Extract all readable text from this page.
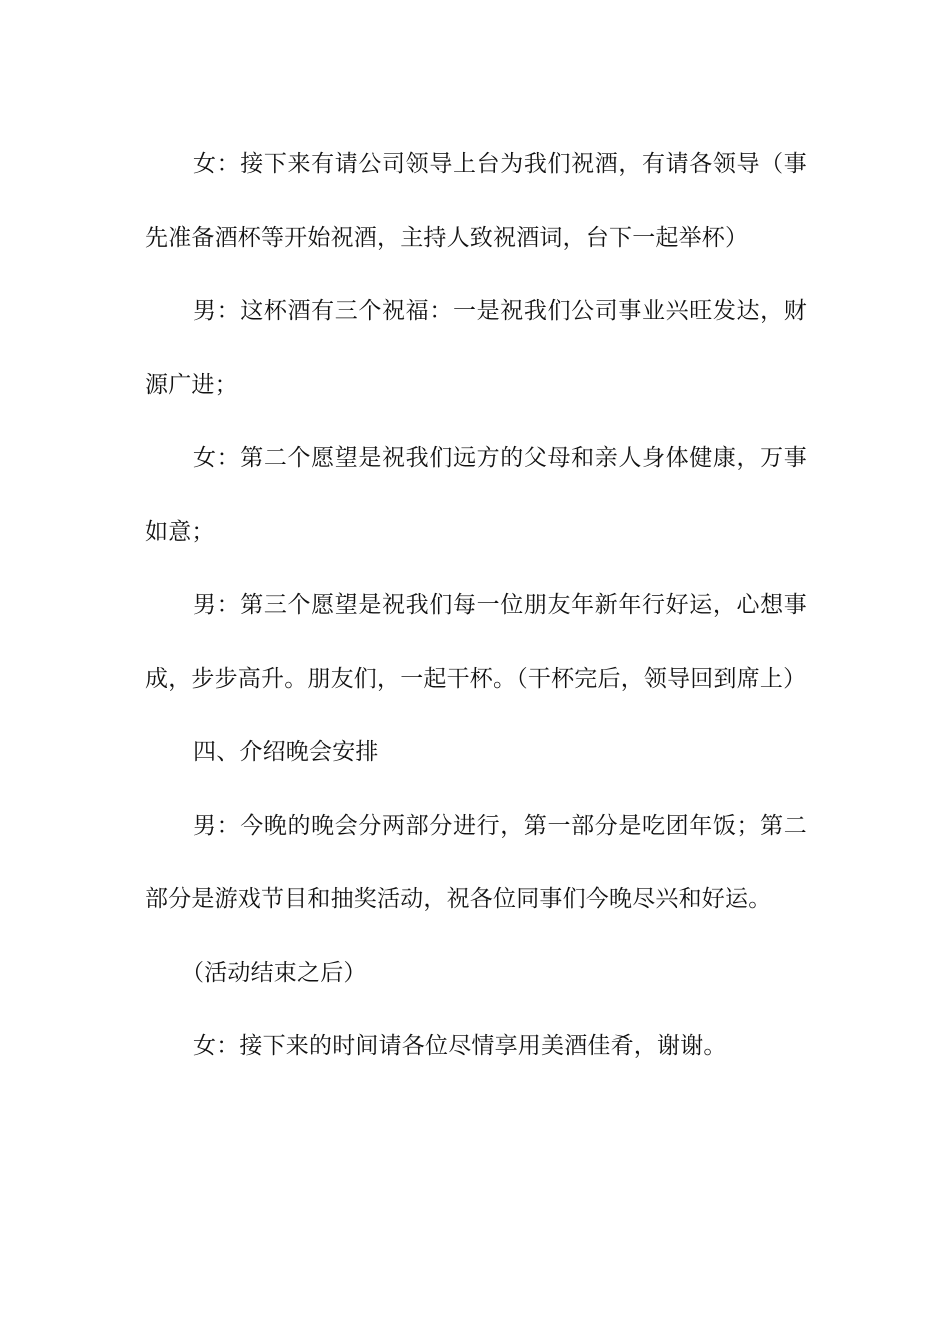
女：接下来有请公司领导上台为我们祝酒，有请各领导（事先准备酒杯等开始祝酒，主持人致祝酒词，台下一起举杯）

男：这杯酒有三个祝福：一是祝我们公司事业兴旺发达，财源广进；

女：第二个愿望是祝我们远方的父母和亲人身体健康，万事如意；

男：第三个愿望是祝我们每一位朋友年新年行好运，心想事成，步步高升。朋友们，一起干杯。（干杯完后，领导回到席上）

四、介绍晚会安排

男：今晚的晚会分两部分进行，第一部分是吃团年饭；第二部分是游戏节目和抽奖活动，祝各位同事们今晚尽兴和好运。

（活动结束之后）

女：接下来的时间请各位尽情享用美酒佳肴，谢谢。
